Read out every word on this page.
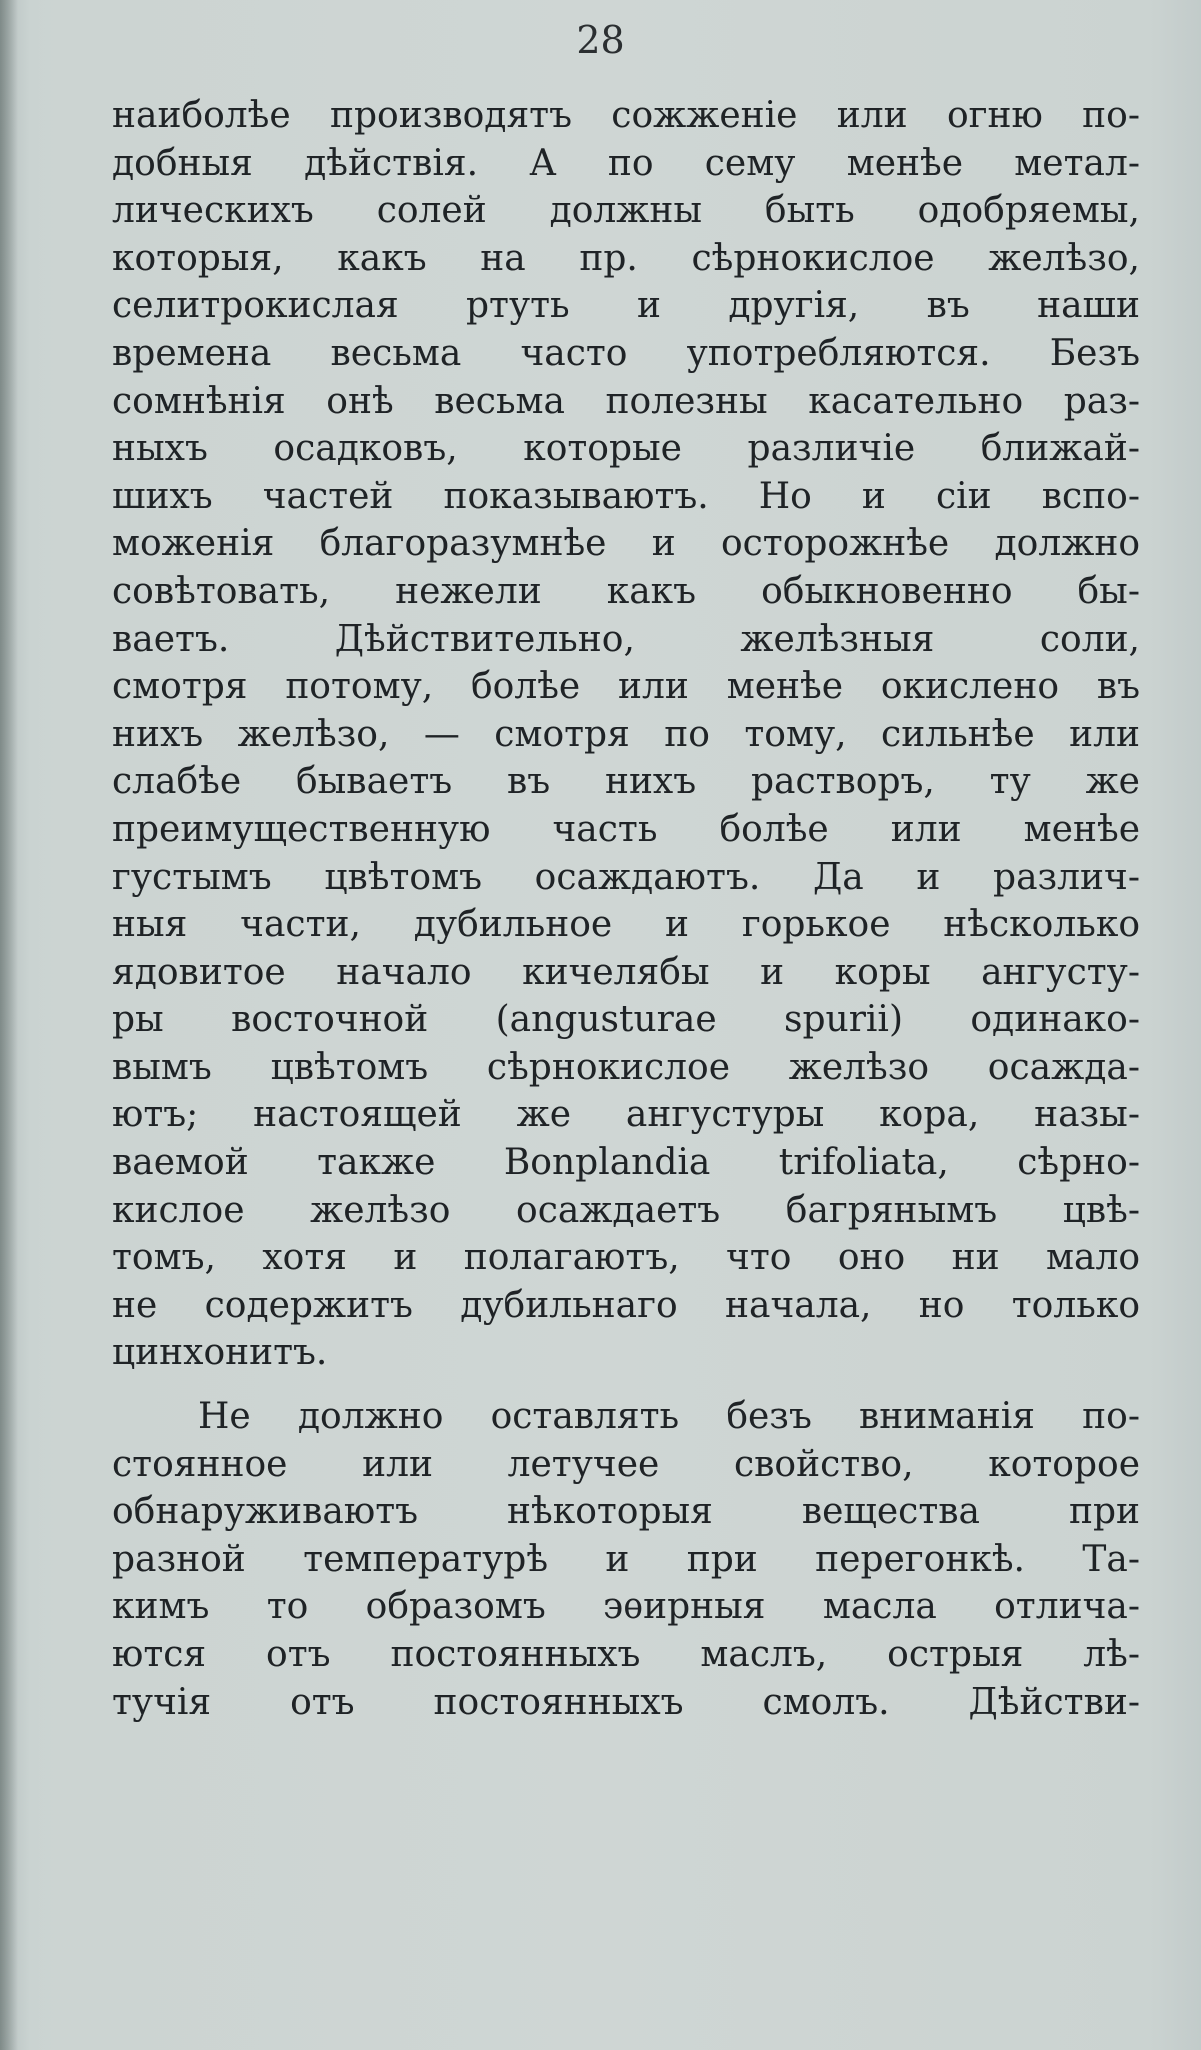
28
наиболѣе производятъ сожженіе или огню по-
добныя дѣйствія. А по сему менѣе метал-
лическихъ солей должны быть одобряемы,
которыя, какъ на пр. сѣрнокислое желѣзо,
селитрокислая ртуть и другія, въ наши
времена весьма часто употребляются. Безъ
сомнѣнія онѣ весьма полезны касательно раз-
ныхъ осадковъ, которые различіе ближай-
шихъ частей показываютъ. Но и сіи вспо-
моженія благоразумнѣе и осторожнѣе должно
совѣтовать, нежели какъ обыкновенно бы-
ваетъ. Дѣйствительно, желѣзныя соли,
смотря потому, болѣе или менѣе окислено въ
нихъ желѣзо, — смотря по тому, сильнѣе или
слабѣе бываетъ въ нихъ растворъ, ту же
преимущественную часть болѣе или менѣе
густымъ цвѣтомъ осаждаютъ. Да и различ-
ныя части, дубильное и горькое нѣсколько
ядовитое начало кичелябы и коры ангусту-
ры восточной (angusturae spurii) одинако-
вымъ цвѣтомъ сѣрнокислое желѣзо осажда-
ютъ; настоящей же ангустуры кора, назы-
ваемой также Bonplandia trifoliata, сѣрно-
кислое желѣзо осаждаетъ багрянымъ цвѣ-
томъ, хотя и полагаютъ, что оно ни мало
не содержитъ дубильнаго начала, но только
цинхонитъ.
Не должно оставлять безъ вниманія по-
стоянное или летучее свойство, которое
обнаруживаютъ нѣкоторыя вещества при
разной температурѣ и при перегонкѣ. Та-
кимъ то образомъ эѳирныя масла отлича-
ются отъ постоянныхъ маслъ, острыя лѣ-
тучія отъ постоянныхъ смолъ. Дѣйстви-
